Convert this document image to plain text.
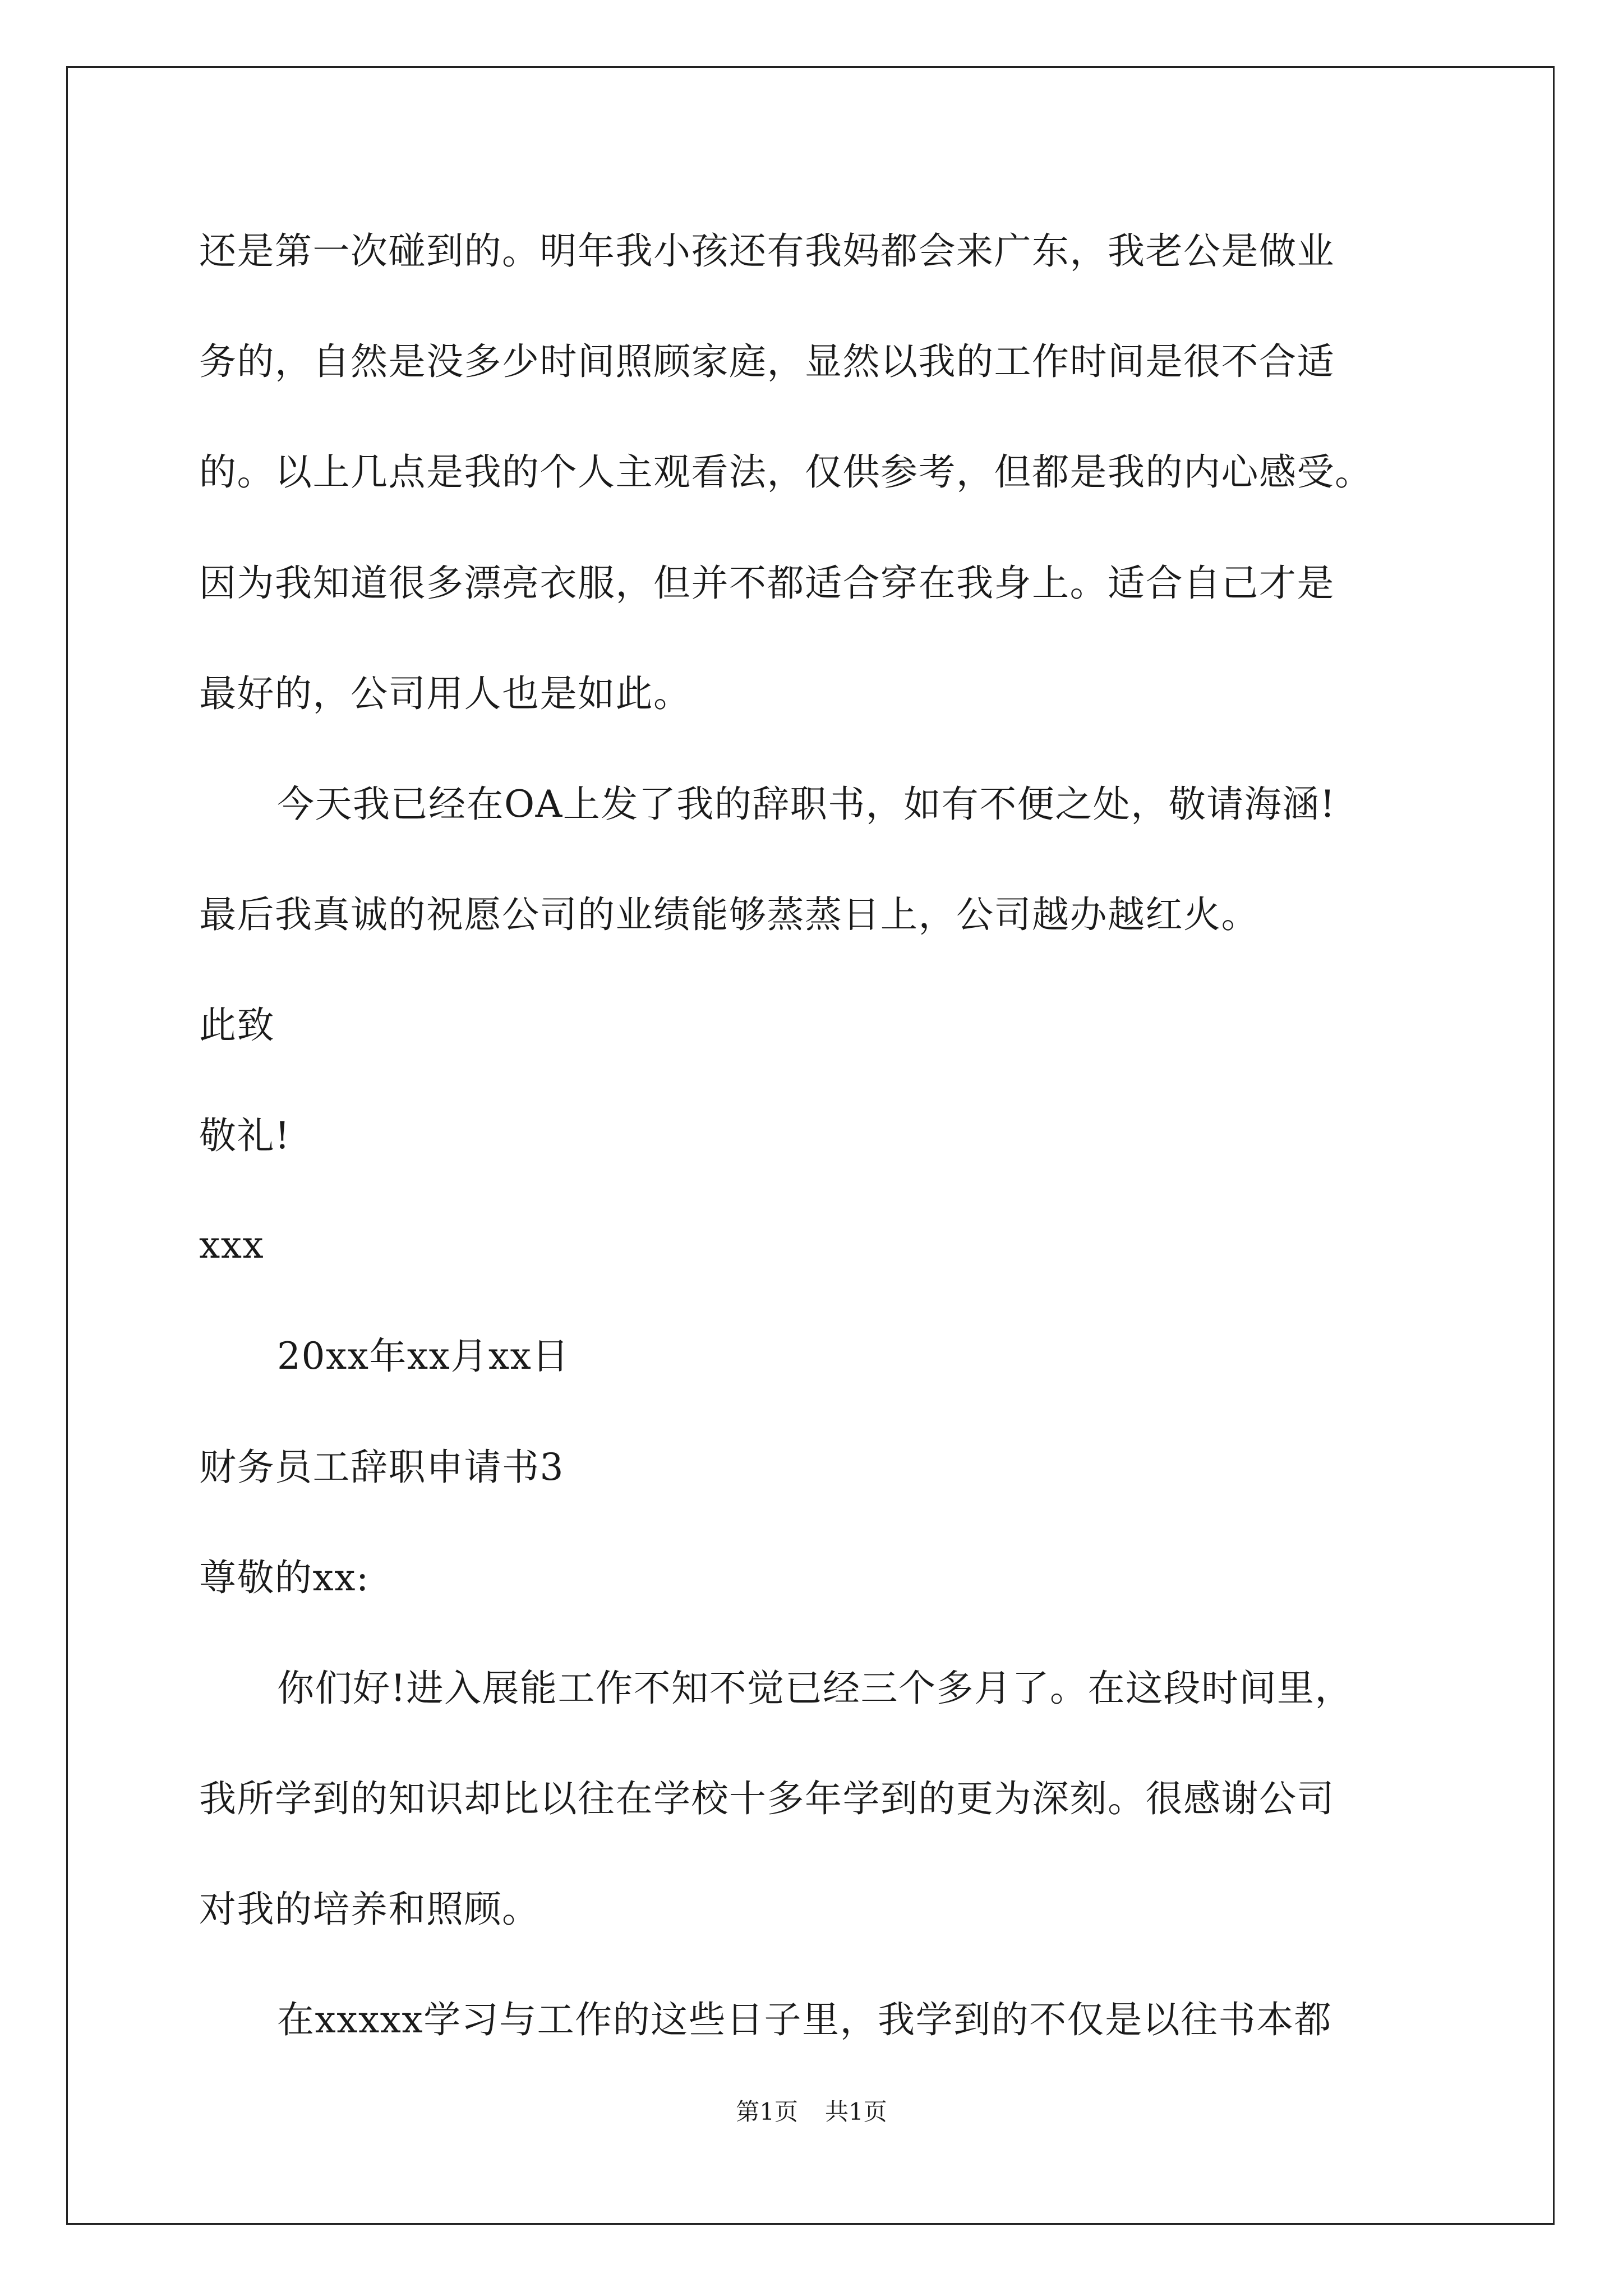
还是第一次碰到的。明年我小孩还有我妈都会来广东，我老公是做业
务的，自然是没多少时间照顾家庭，显然以我的工作时间是很不合适
的。以上几点是我的个人主观看法，仅供参考，但都是我的内心感受。
因为我知道很多漂亮衣服，但并不都适合穿在我身上。适合自己才是
最好的，公司用人也是如此。
今天我已经在OA上发了我的辞职书，如有不便之处，敬请海涵!
最后我真诚的祝愿公司的业绩能够蒸蒸日上，公司越办越红火。
此致
敬礼!
xxx
20xx年xx月xx日
财务员工辞职申请书3
尊敬的xx:
你们好!进入展能工作不知不觉已经三个多月了。在这段时间里，
我所学到的知识却比以往在学校十多年学到的更为深刻。很感谢公司
对我的培养和照顾。
在xxxxx学习与工作的这些日子里，我学到的不仅是以往书本都
第1页 共1页
